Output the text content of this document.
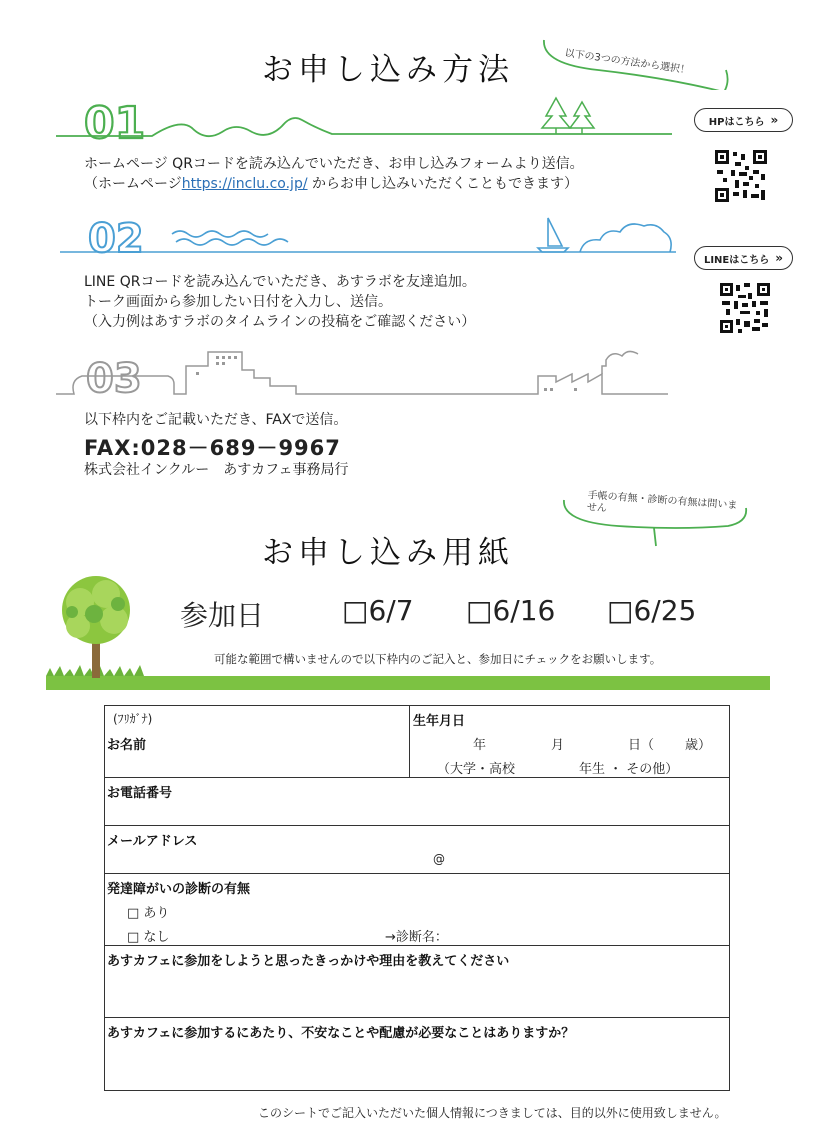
お申し込み方法	以下の3つの方法から選択！
01
ホームページ QRコードを読み込んでいただき、お申し込みフォームより送信。
（ホームページhttps://inclu.co.jp/ からお申し込みいただくこともできます）
HPはこちら »
02
LINE QRコードを読み込んでいただき、あすラボを友達追加。
トーク画面から参加したい日付を入力し、送信。
（入力例はあすラボのタイムラインの投稿をご確認ください）
LINEはこちら »
03
以下枠内をご記載いただき、FAXで送信。
FAX:028－689－9967
株式会社インクルー　あすカフェ事務局行
手帳の有無・診断の有無は問いません
お申し込み用紙
参加日	□6/7 □6/16 □6/25
可能な範囲で構いませんので以下枠内のご記入と、参加日にチェックをお願いします。
(ﾌﾘｶﾞﾅ)
お名前
生年月日
年	月	日（ 歳）
（大学・高校	年生 ・ その他）
お電話番号
メールアドレス
@
発達障がいの診断の有無
□ あり
□ なし	→診断名：
あすカフェに参加をしようと思ったきっかけや理由を教えてください
あすカフェに参加するにあたり、不安なことや配慮が必要なことはありますか？
このシートでご記入いただいた個人情報につきましては、目的以外に使用致しません。
